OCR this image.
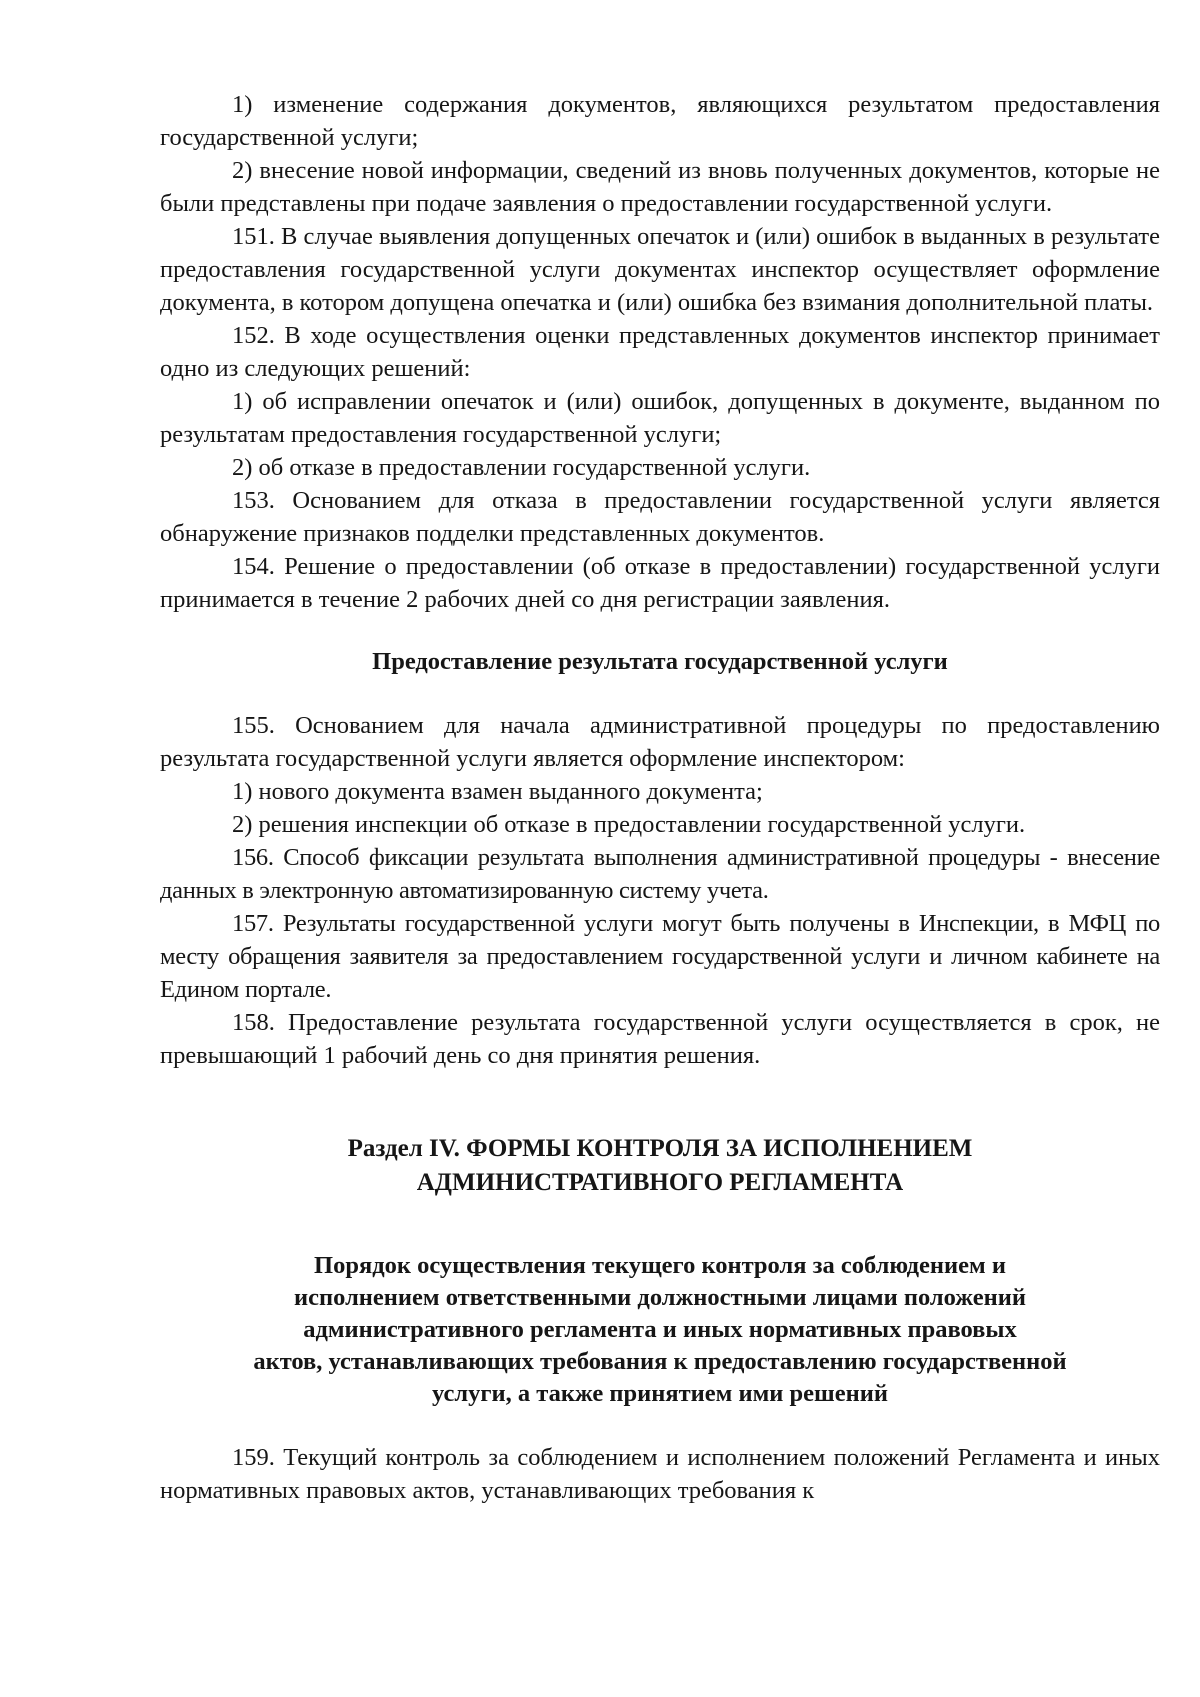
1) изменение содержания документов, являющихся результатом предоставления государственной услуги;

2) внесение новой информации, сведений из вновь полученных документов, которые не были представлены при подаче заявления о предоставлении государственной услуги.

151. В случае выявления допущенных опечаток и (или) ошибок в выданных в результате предоставления государственной услуги документах инспектор осуществляет оформление документа, в котором допущена опечатка и (или) ошибка без взимания дополнительной платы.

152. В ходе осуществления оценки представленных документов инспектор принимает одно из следующих решений:

1) об исправлении опечаток и (или) ошибок, допущенных в документе, выданном по результатам предоставления государственной услуги;

2) об отказе в предоставлении государственной услуги.

153. Основанием для отказа в предоставлении государственной услуги является обнаружение признаков подделки представленных документов.

154. Решение о предоставлении (об отказе в предоставлении) государственной услуги принимается в течение 2 рабочих дней со дня регистрации заявления.

Предоставление результата государственной услуги

155. Основанием для начала административной процедуры по предоставлению результата государственной услуги является оформление инспектором:

1) нового документа взамен выданного документа;

2) решения инспекции об отказе в предоставлении государственной услуги.

156. Способ фиксации результата выполнения административной процедуры - внесение данных в электронную автоматизированную систему учета.

157. Результаты государственной услуги могут быть получены в Инспекции, в МФЦ по месту обращения заявителя за предоставлением государственной услуги и личном кабинете на Едином портале.

158. Предоставление результата государственной услуги осуществляется в срок, не превышающий 1 рабочий день со дня принятия решения.

Раздел IV. ФОРМЫ КОНТРОЛЯ ЗА ИСПОЛНЕНИЕМ
АДМИНИСТРАТИВНОГО РЕГЛАМЕНТА
Порядок осуществления текущего контроля за соблюдением и
исполнением ответственными должностными лицами положений
административного регламента и иных нормативных правовых
актов, устанавливающих требования к предоставлению государственной
услуги, а также принятием ими решений

159. Текущий контроль за соблюдением и исполнением положений Регламента и иных нормативных правовых актов, устанавливающих требования к
